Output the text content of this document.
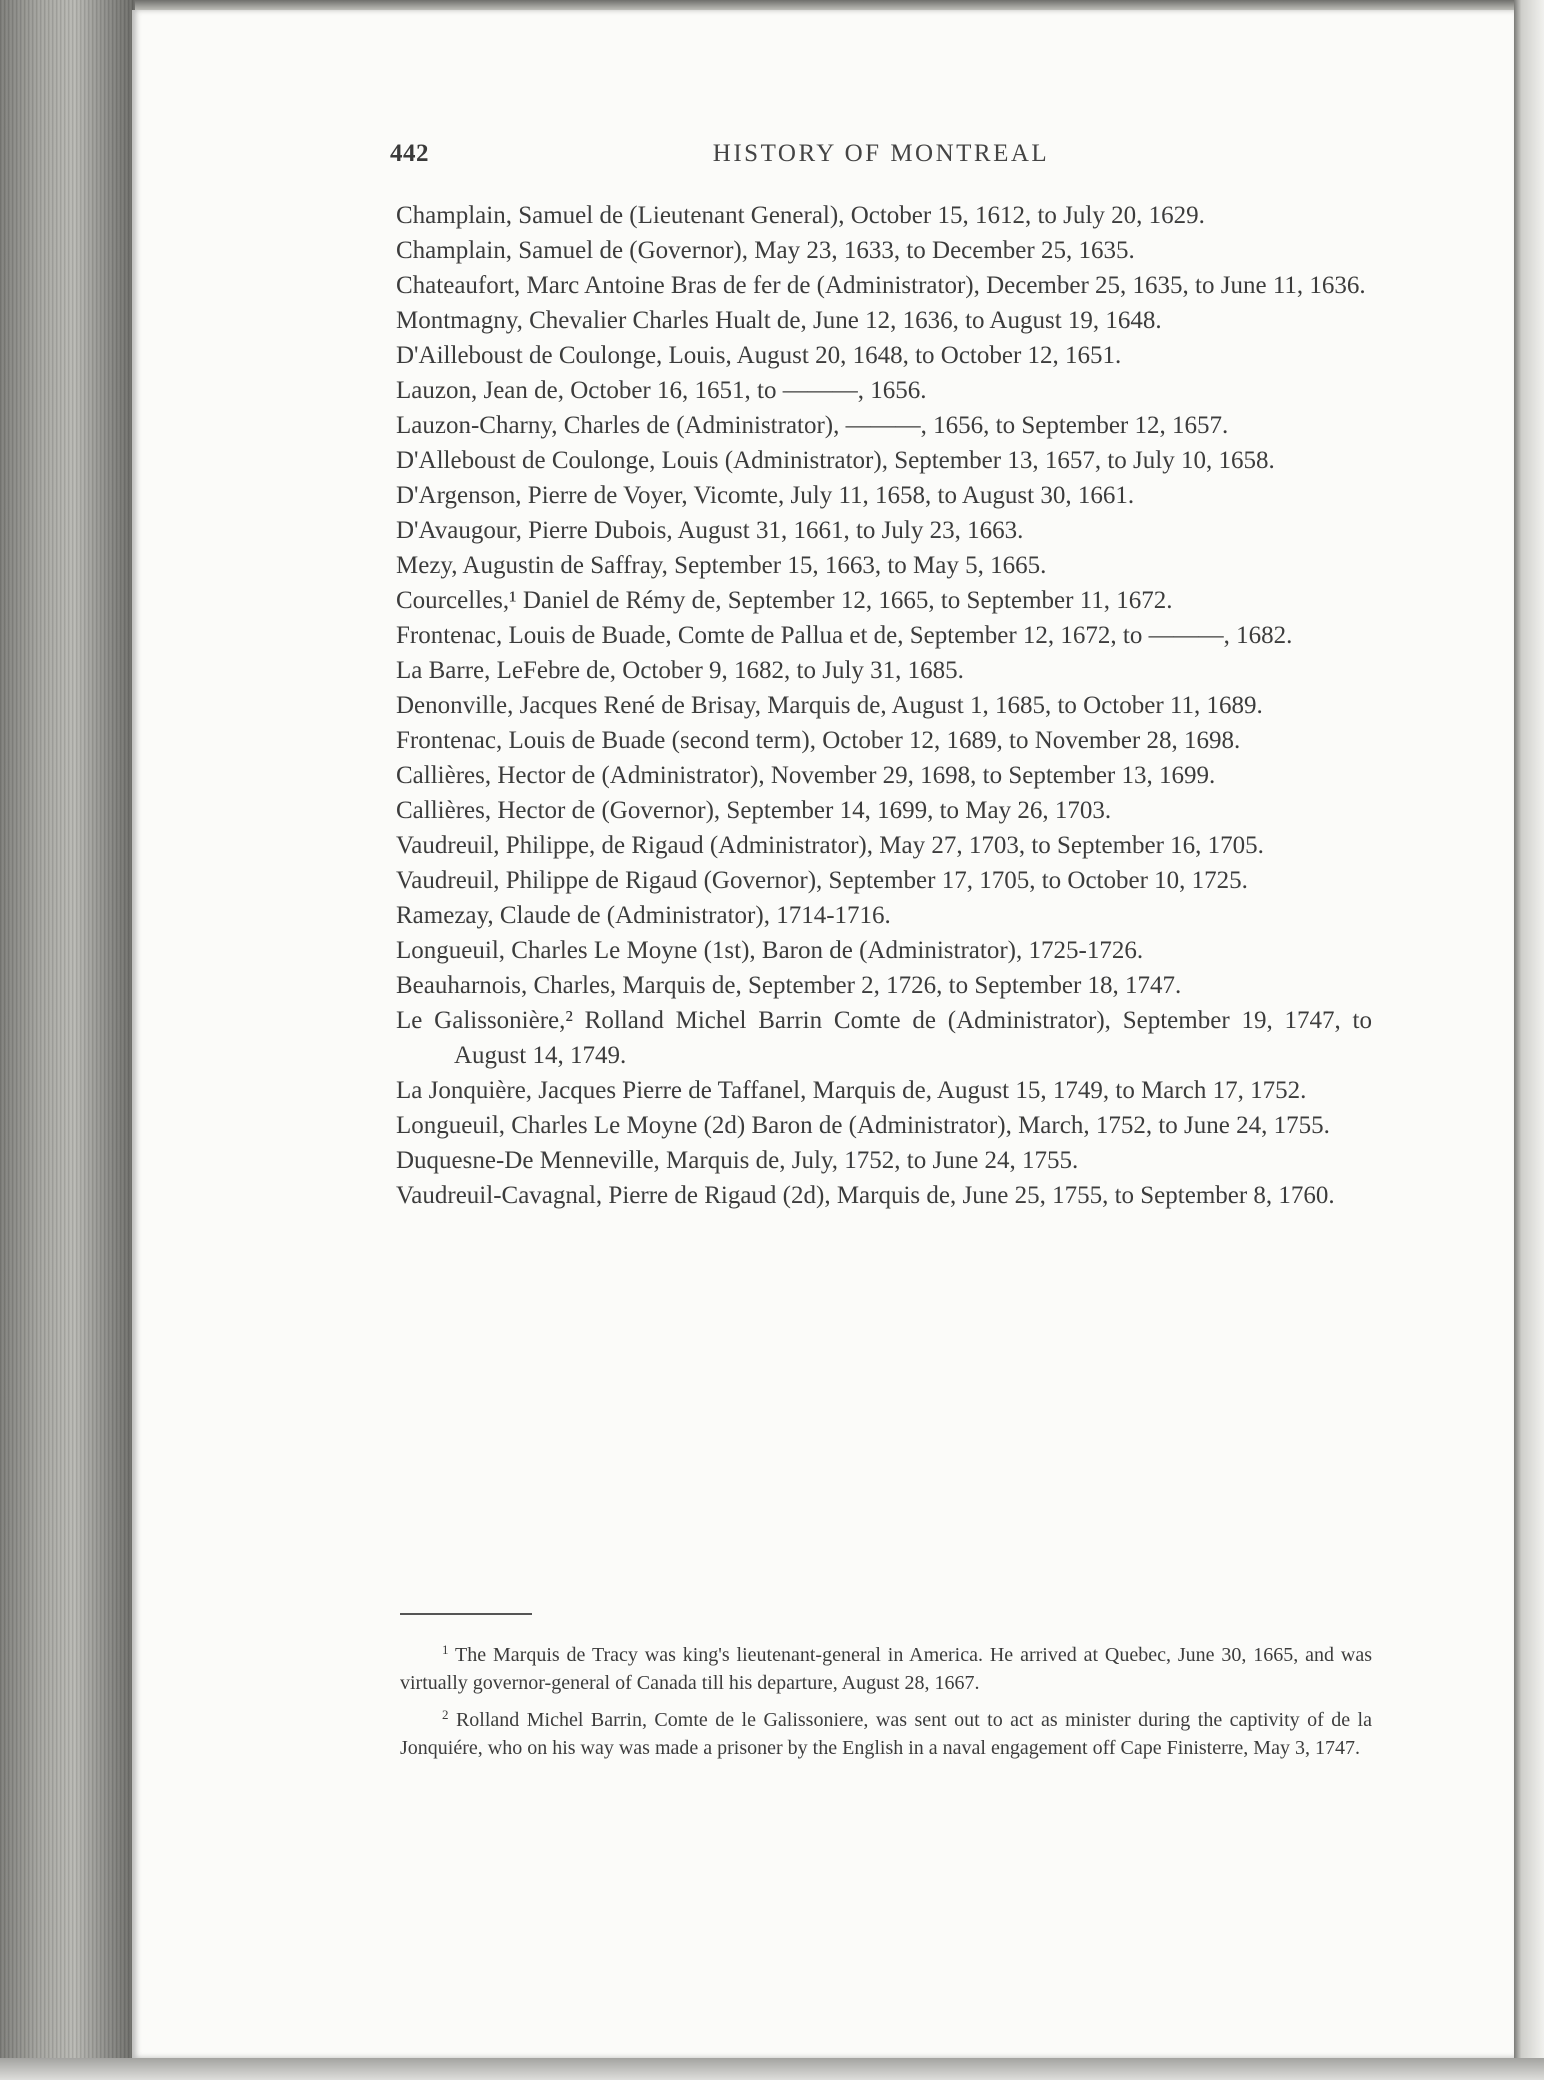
442	HISTORY OF MONTREAL
Champlain, Samuel de (Lieutenant General), October 15, 1612, to July 20, 1629.
Champlain, Samuel de (Governor), May 23, 1633, to December 25, 1635.
Chateaufort, Marc Antoine Bras de fer de (Administrator), December 25, 1635, to June 11, 1636.
Montmagny, Chevalier Charles Hualt de, June 12, 1636, to August 19, 1648.
D'Ailleboust de Coulonge, Louis, August 20, 1648, to October 12, 1651.
Lauzon, Jean de, October 16, 1651, to ———, 1656.
Lauzon-Charny, Charles de (Administrator), ———, 1656, to September 12, 1657.
D'Alleboust de Coulonge, Louis (Administrator), September 13, 1657, to July 10, 1658.
D'Argenson, Pierre de Voyer, Vicomte, July 11, 1658, to August 30, 1661.
D'Avaugour, Pierre Dubois, August 31, 1661, to July 23, 1663.
Mezy, Augustin de Saffray, September 15, 1663, to May 5, 1665.
Courcelles,¹ Daniel de Rémy de, September 12, 1665, to September 11, 1672.
Frontenac, Louis de Buade, Comte de Pallua et de, September 12, 1672, to ———, 1682.
La Barre, LeFebre de, October 9, 1682, to July 31, 1685.
Denonville, Jacques René de Brisay, Marquis de, August 1, 1685, to October 11, 1689.
Frontenac, Louis de Buade (second term), October 12, 1689, to November 28, 1698.
Callières, Hector de (Administrator), November 29, 1698, to September 13, 1699.
Callières, Hector de (Governor), September 14, 1699, to May 26, 1703.
Vaudreuil, Philippe, de Rigaud (Administrator), May 27, 1703, to September 16, 1705.
Vaudreuil, Philippe de Rigaud (Governor), September 17, 1705, to October 10, 1725.
Ramezay, Claude de (Administrator), 1714-1716.
Longueuil, Charles Le Moyne (1st), Baron de (Administrator), 1725-1726.
Beauharnois, Charles, Marquis de, September 2, 1726, to September 18, 1747.
Le Galissonière,² Rolland Michel Barrin Comte de (Administrator), September 19, 1747, to August 14, 1749.
La Jonquière, Jacques Pierre de Taffanel, Marquis de, August 15, 1749, to March 17, 1752.
Longueuil, Charles Le Moyne (2d) Baron de (Administrator), March, 1752, to June 24, 1755.
Duquesne-De Menneville, Marquis de, July, 1752, to June 24, 1755.
Vaudreuil-Cavagnal, Pierre de Rigaud (2d), Marquis de, June 25, 1755, to September 8, 1760.

$^1$ The Marquis de Tracy was king's lieutenant-general in America. He arrived at Quebec, June 30, 1665, and was virtually governor-general of Canada till his departure, August 28, 1667.

$^2$ Rolland Michel Barrin, Comte de le Galissoniere, was sent out to act as minister during the captivity of de la Jonquiére, who on his way was made a prisoner by the English in a naval engagement off Cape Finisterre, May 3, 1747.
